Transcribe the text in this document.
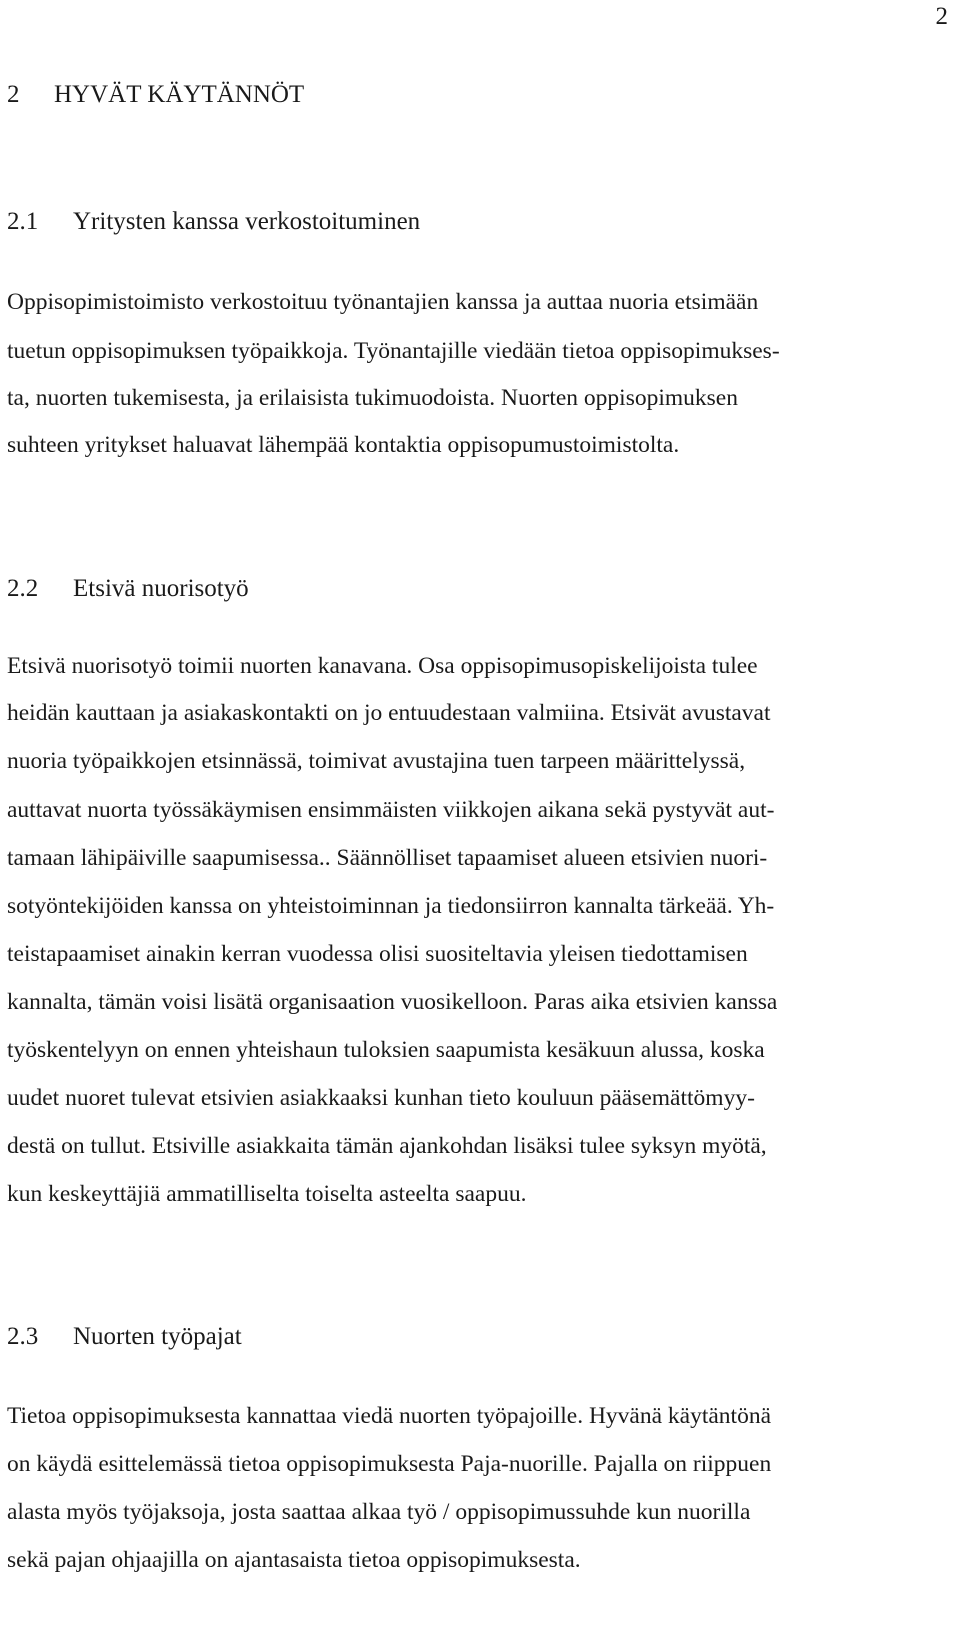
2
2 HYVÄT KÄYTÄNNÖT
2.1 Yritysten kanssa verkostoituminen
Oppisopimistoimisto verkostoituu työnantajien kanssa ja auttaa nuoria etsimään
tuetun oppisopimuksen työpaikkoja. Työnantajille viedään tietoa oppisopimukses-
ta, nuorten tukemisesta, ja erilaisista tukimuodoista. Nuorten oppisopimuksen
suhteen yritykset haluavat lähempää kontaktia oppisopumustoimistolta.
2.2 Etsivä nuorisotyö
Etsivä nuorisotyö toimii nuorten kanavana. Osa oppisopimusopiskelijoista tulee
heidän kauttaan ja asiakaskontakti on jo entuudestaan valmiina. Etsivät avustavat
nuoria työpaikkojen etsinnässä, toimivat avustajina tuen tarpeen määrittelyssä,
auttavat nuorta työssäkäymisen ensimmäisten viikkojen aikana sekä pystyvät aut-
tamaan lähipäiville saapumisessa.. Säännölliset tapaamiset alueen etsivien nuori-
sotyöntekijöiden kanssa on yhteistoiminnan ja tiedonsiirron kannalta tärkeää. Yh-
teistapaamiset ainakin kerran vuodessa olisi suositeltavia yleisen tiedottamisen
kannalta, tämän voisi lisätä organisaation vuosikelloon. Paras aika etsivien kanssa
työskentelyyn on ennen yhteishaun tuloksien saapumista kesäkuun alussa, koska
uudet nuoret tulevat etsivien asiakkaaksi kunhan tieto kouluun pääsemättömyy-
destä on tullut. Etsiville asiakkaita tämän ajankohdan lisäksi tulee syksyn myötä,
kun keskeyttäjiä ammatilliselta toiselta asteelta saapuu.
2.3 Nuorten työpajat
Tietoa oppisopimuksesta kannattaa viedä nuorten työpajoille. Hyvänä käytäntönä
on käydä esittelemässä tietoa oppisopimuksesta Paja-nuorille. Pajalla on riippuen
alasta myös työjaksoja, josta saattaa alkaa työ / oppisopimussuhde kun nuorilla
sekä pajan ohjaajilla on ajantasaista tietoa oppisopimuksesta.
